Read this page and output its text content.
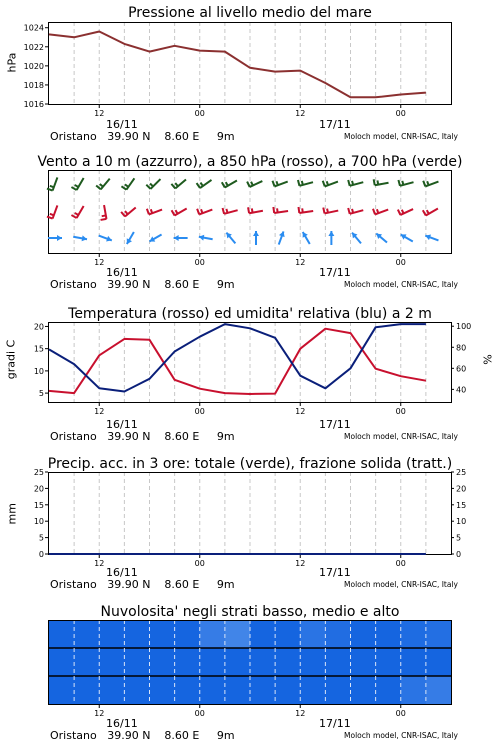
Pressione al livello medio del mare
hPa
12	00	12	00
1016
1018
1020
1022
1024
16/11	17/11
Oristano   39.90 N    8.60 E     9m	Moloch model, CNR-ISAC, Italy
Vento a 10 m (azzurro), a 850 hPa (rosso), a 700 hPa (verde)
12	00	12	00
16/11	17/11
Oristano   39.90 N    8.60 E     9m	Moloch model, CNR-ISAC, Italy
Temperatura (rosso) ed umidita' relativa (blu) a 2 m
gradi C	%
12	00	12	00
5
10
15
20
40
60
80
100
16/11	17/11
Oristano   39.90 N    8.60 E     9m	Moloch model, CNR-ISAC, Italy
Precip. acc. in 3 ore: totale (verde), frazione solida (tratt.)
mm
12	00	12	00
0
5
10
15
20
25
0
5
10
15
20
25
16/11	17/11
Oristano   39.90 N    8.60 E     9m	Moloch model, CNR-ISAC, Italy
Nuvolosita' negli strati basso, medio e alto
12	00	12	00
16/11	17/11
Oristano   39.90 N    8.60 E     9m	Moloch model, CNR-ISAC, Italy
